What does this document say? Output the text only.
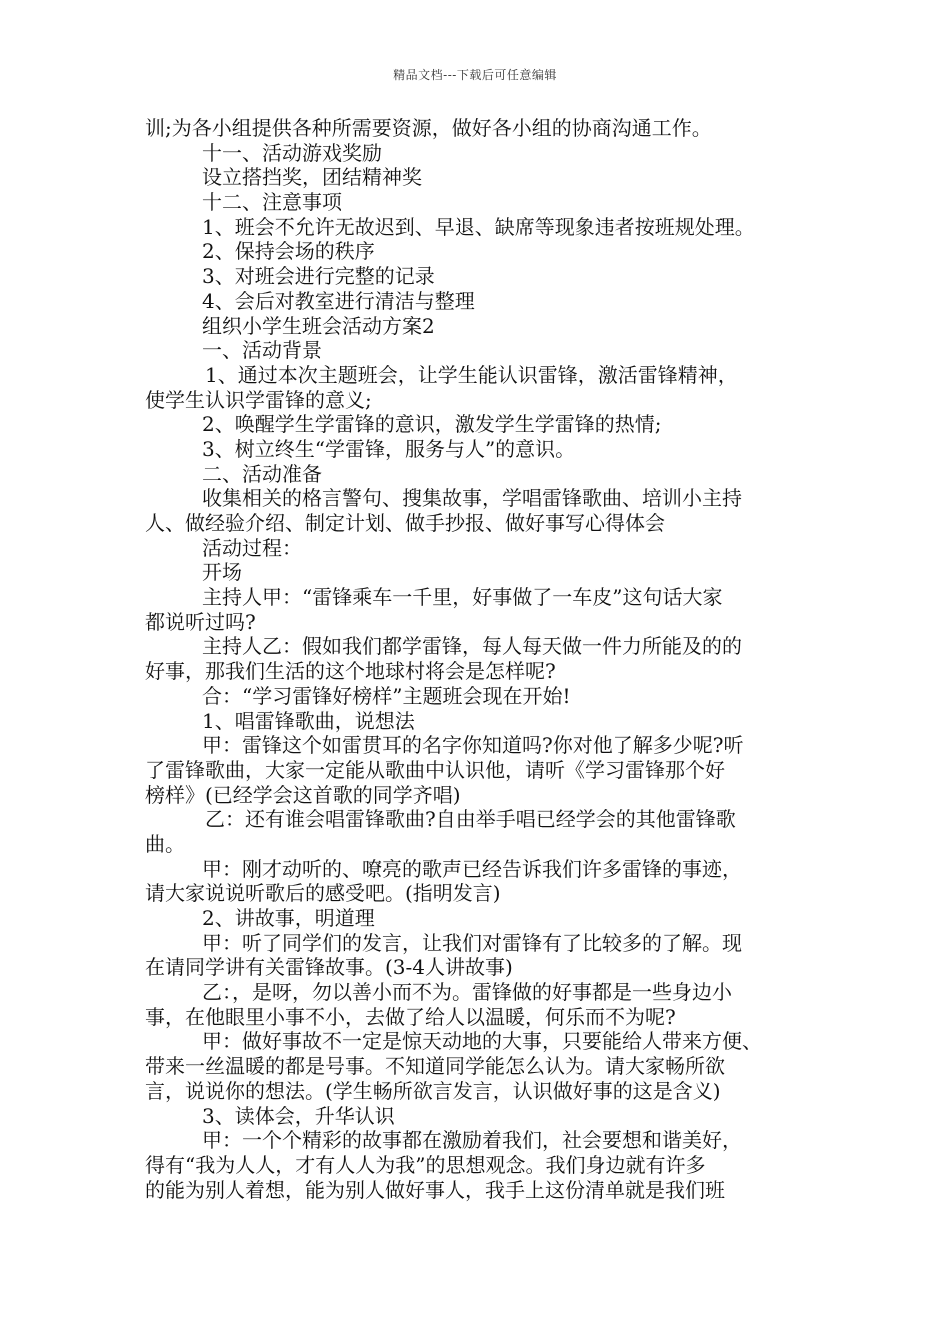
精品文档---下载后可任意编辑
训;为各小组提供各种所需要资源，做好各小组的协商沟通工作。
十一、活动游戏奖励
设立搭挡奖，团结精神奖
十二、注意事项
1、班会不允许无故迟到、早退、缺席等现象违者按班规处理。
2、保持会场的秩序
3、对班会进行完整的记录
4、会后对教室进行清洁与整理
组织小学生班会活动方案2
一、活动背景
1、通过本次主题班会，让学生能认识雷锋，激活雷锋精神，
使学生认识学雷锋的意义;
2、唤醒学生学雷锋的意识，激发学生学雷锋的热情;
3、树立终生“学雷锋，服务与人”的意识。
二、活动准备
收集相关的格言警句、搜集故事，学唱雷锋歌曲、培训小主持
人、做经验介绍、制定计划、做手抄报、做好事写心得体会
活动过程：
开场
主持人甲：“雷锋乘车一千里，好事做了一车皮”这句话大家
都说听过吗?
主持人乙：假如我们都学雷锋，每人每天做一件力所能及的的
好事，那我们生活的这个地球村将会是怎样呢?
合：“学习雷锋好榜样”主题班会现在开始!
1、唱雷锋歌曲，说想法
甲：雷锋这个如雷贯耳的名字你知道吗?你对他了解多少呢?听
了雷锋歌曲，大家一定能从歌曲中认识他，请听《学习雷锋那个好
榜样》(已经学会这首歌的同学齐唱)
乙：还有谁会唱雷锋歌曲?自由举手唱已经学会的其他雷锋歌
曲。
甲：刚才动听的、嘹亮的歌声已经告诉我们许多雷锋的事迹，
请大家说说听歌后的感受吧。(指明发言)
2、讲故事，明道理
甲：听了同学们的发言，让我们对雷锋有了比较多的了解。现
在请同学讲有关雷锋故事。(3-4人讲故事)
乙：，是呀，勿以善小而不为。雷锋做的好事都是一些身边小
事，在他眼里小事不小，去做了给人以温暖，何乐而不为呢?
甲：做好事故不一定是惊天动地的大事，只要能给人带来方便、
带来一丝温暖的都是号事。不知道同学能怎么认为。请大家畅所欲
言，说说你的想法。(学生畅所欲言发言，认识做好事的这是含义)
3、读体会，升华认识
甲：一个个精彩的故事都在激励着我们，社会要想和谐美好，
得有“我为人人，才有人人为我”的思想观念。我们身边就有许多
的能为别人着想，能为别人做好事人，我手上这份清单就是我们班
